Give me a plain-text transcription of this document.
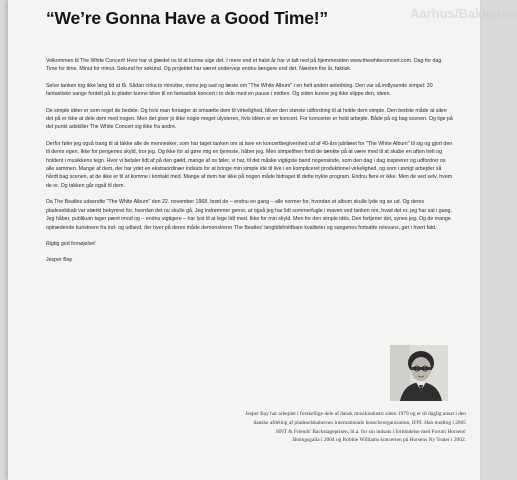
Aarhus/Bakkerne
“We’re Gonna Have a Good Time!”

Velkommen til The White Concert! Hvor har vi glædet os til at kunne sige det. I mere end et halvt år har vi talt ned på hjemmesiden www.thewhiteconcert.com. Dag for dag. Time for time. Minut for minut. Sekund for sekund. Og projektet har været undervejs endnu længere end det. Næsten fire år, faktisk.

Selve tanken tog ikke lang tid at få. Sådan cirka to minutter, mens jeg sad og læste om "The White Album" i en helt anden anledning. Den var så indlysende simpel: 30 fantastiske sange fordelt på to plader kunne blive til en fantastisk koncert i to dele med en pause i midten. Og siden kunne jeg ikke slippe den, ideen.

De simple idéer er som regel de bedste. Og hvis man forsøger at omsætte dem til virkelighed, bliver den største udfordring til at holde dem simple. Den bedste måde at sikre det på er ikke at dele dem med nogen. Men det giver jo ikke nogle meget ulysteren, hvis idéen er en koncert. For koncerter er hold arbejde. Både på og bag scenen. Og lige på det punkt adskiller The White Concert sig ikke fra andre.

Derfor føler jeg også trang til at takke alle de mennesker, som har taget tanken om at lave en koncertbegivenhed ud af 40-års jubilæet for "The White Album" til sig og gjort den til deres egen. Ikke for pengenes skyld, tror jeg. Og ikke for at gøre mig en tjeneste, håber jeg. Men simpelthen fordi de tænkte på at være med til at skabe en aften helt og holdent i musikkens tegn. Hvor vi betaler lidt af på den gæld, mange af os føler, vi har, til det måske vigtigste band nogensinde, som den dag i dag inspirerer og udfordrer os alle sammen. Mange af dem, der har ydet en ekstraordinær indsats for at bringe min simple idé til live i en kompliceret produktionel virkelighed, og som i øvrigt arbejder så hårdt bag scenen, at de ikke er til at komme i kontakt med. Mange af dem har ikke på nogen måde bidraget til dette trykte program. Endnu flere er ikke. Men de ved selv, hvem de er. Og takken går også til dem.

Da The Beatles udsendte "The White Album" den 22. november 1968, brød de – endnu en gang – alle normer for, hvordan et album skulle lyde og se ud. Og deres pladeselskab var stærkt bekymret for, hvordan det nu skulle gå. Jeg indrømmer gerne, at også jeg har lidt sommerfugle i maven ved tanken om, hvad det er, jeg har sat i gang. Jeg håber, publikum tager pænt imod og – endnu vigtigere – har lyst til at lege lidt med. Ikke for min skyld. Men for den simple idés. Den fortjener det, synes jeg. Og de mange optrædende kunstnere fra ind- og udland, der hver på deres måde demonstrerer The Beatles' langtidsholdbare kvaliteter og sangenes fortsatte relevans, gør i hvert fald.

Rigtig god fornøjelse!

Jesper Bay

Jesper Bay har arbejdet i forskellige dele af dansk musikindustri siden 1979 og er til daglig ansat i den
danske afdeling af pladeselskabernes internationale brancheorganisation, IFPI. Han modtog i 2005
HNT & Friends' Backstageprisen, bl.a. for sin indsats i forbindelse med Forum Horsens'
åbningsgalla i 2004 og Robbie Williams koncerten på Horsens Ny Teater i 2002.
